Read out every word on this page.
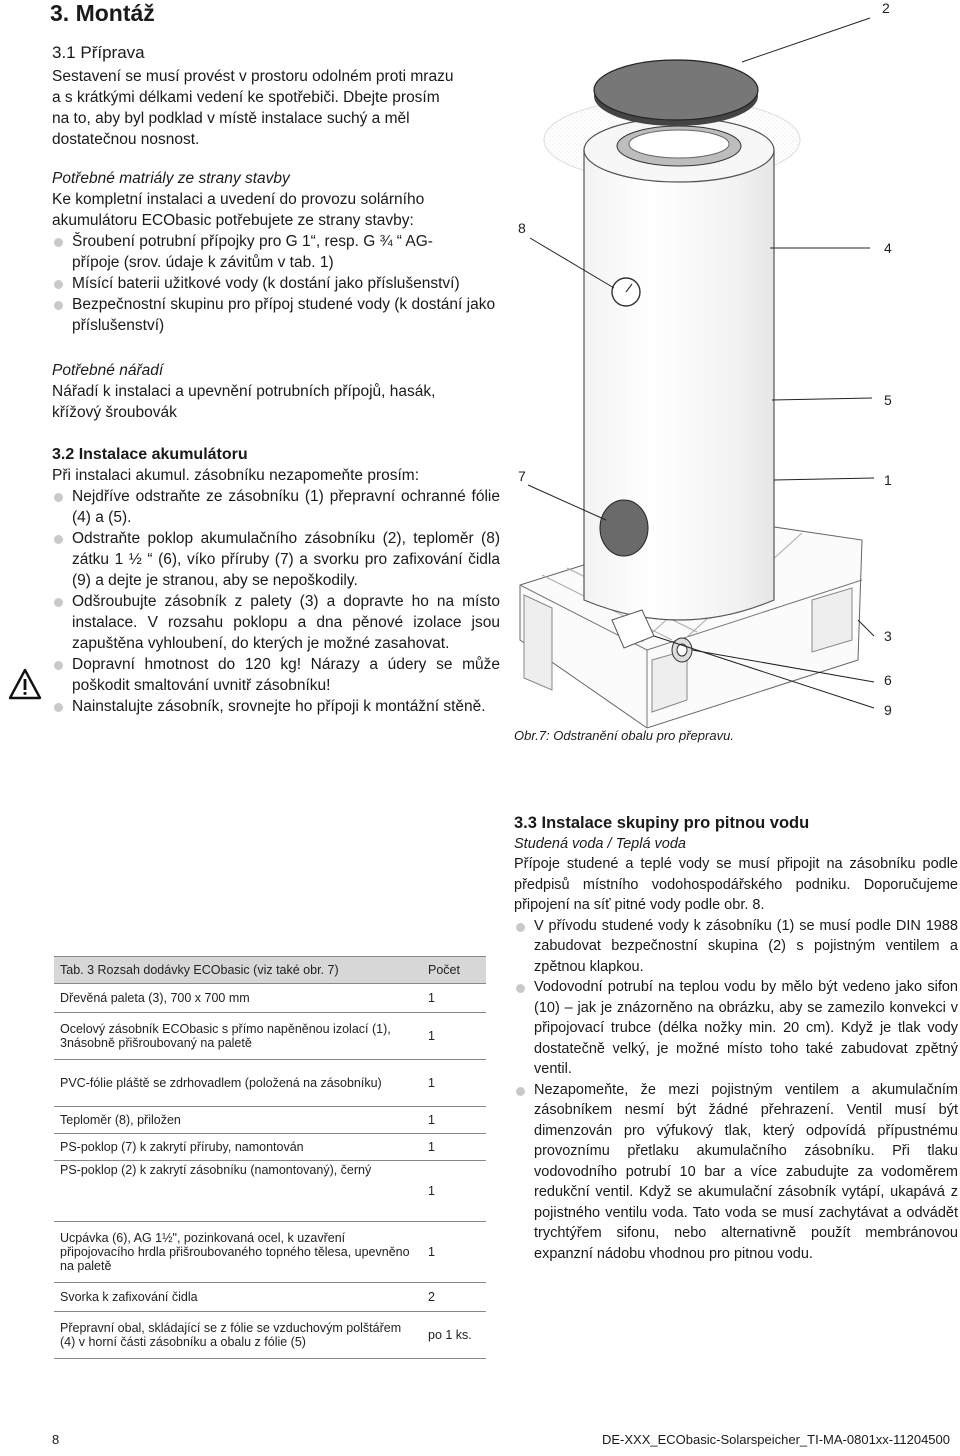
3. Montáž
3.1 Příprava
Sestavení se musí provést v prostoru odolném proti mrazu
a s krátkými délkami vedení ke spotřebiči. Dbejte prosím
na to, aby byl podklad v místě instalace suchý a měl
dostatečnou nosnost.
Potřebné matriály ze strany stavby
Ke kompletní instalaci a uvedení do provozu solárního
akumulátoru ECObasic potřebujete ze strany stavby:
Šroubení potrubní přípojky pro G 1“, resp. G ¾ “ AG-přípoje (srov. údaje k závitům v tab. 1)
Mísící baterii užitkové vody (k dostání jako příslušenství)
Bezpečnostní skupinu pro přípoj studené vody (k dostání jako příslušenství)
Potřebné nářadí
Nářadí k instalaci a upevnění potrubních přípojů, hasák,
křížový šroubovák
3.2 Instalace akumulátoru
Při instalaci akumul. zásobníku nezapomeňte prosím:
Nejdříve odstraňte ze zásobníku (1) přepravní ochranné fólie (4) a (5).
Odstraňte poklop akumulačního zásobníku (2), teploměr (8) zátku 1 ½ “ (6), víko příruby (7) a svorku pro zafixování čidla (9) a dejte je stranou, aby se nepoškodily.
Odšroubujte zásobník z palety (3) a dopravte ho na místo instalace. V rozsahu poklopu a dna pěnové izolace jsou zapuštěna vyhloubení, do kterých je možné zasahovat.
Dopravní hmotnost do 120 kg! Nárazy a údery se může poškodit smaltování uvnitř zásobníku!
Nainstalujte zásobník, srovnejte ho přípoji k montážní stěně.
2
8
4
5
7	1
3
6
9
Obr.7: Odstranění obalu pro přepravu.
3.3 Instalace skupiny pro pitnou vodu
Studená voda / Teplá voda
Přípoje studené a teplé vody se musí připojit na zásobníku podle předpisů místního vodohospodářského podniku. Doporučujeme připojení na síť pitné vody podle obr. 8.
V přívodu studené vody k zásobníku (1) se musí podle DIN 1988 zabudovat bezpečnostní skupina (2) s pojistným ventilem a zpětnou klapkou.
Vodovodní potrubí na teplou vodu by mělo být vedeno jako sifon (10) – jak je znázorněno na obrázku, aby se zamezilo konvekci v připojovací trubce (délka nožky min. 20 cm). Když je tlak vody dostatečně velký, je možné místo toho také zabudovat zpětný ventil.
Nezapomeňte, že mezi pojistným ventilem a akumulačním zásobníkem nesmí být žádné přehrazení. Ventil musí být dimenzován pro výfukový tlak, který odpovídá přípustnému provoznímu přetlaku akumulačního zásobníku. Při tlaku vodovodního potrubí 10 bar a více zabudujte za vodoměrem redukční ventil. Když se akumulační zásobník vytápí, ukapává z pojistného ventilu voda. Tato voda se musí zachytávat a odvádět trychtýřem sifonu, nebo alternativně použít membránovou expanzní nádobu vhodnou pro pitnou vodu.
Tab. 3 Rozsah dodávky ECObasic (viz také obr. 7)	Počet
Dřevěná paleta (3), 700 x 700 mm	1
Ocelový zásobník ECObasic s přímo napěněnou izolací (1), 3násobně přišroubovaný na paletě	1
PVC-fólie pláště se zdrhovadlem (položená na zásobníku)	1
Teploměr (8), přiložen	1
PS-poklop (7) k zakrytí příruby, namontován	1
PS-poklop (2) k zakrytí zásobníku (namontovaný), černý	1
Ucpávka (6), AG 1½", pozinkovaná ocel, k uzavření připojovacího hrdla přišroubovaného topného tělesa, upevněno na paletě	1
Svorka k zafixování čidla	2
Přepravní obal, skládající se z fólie se vzduchovým polštářem (4) v horní části zásobníku a obalu z fólie (5)	po 1 ks.
8	DE-XXX_ECObasic-Solarspeicher_TI-MA-0801xx-11204500
